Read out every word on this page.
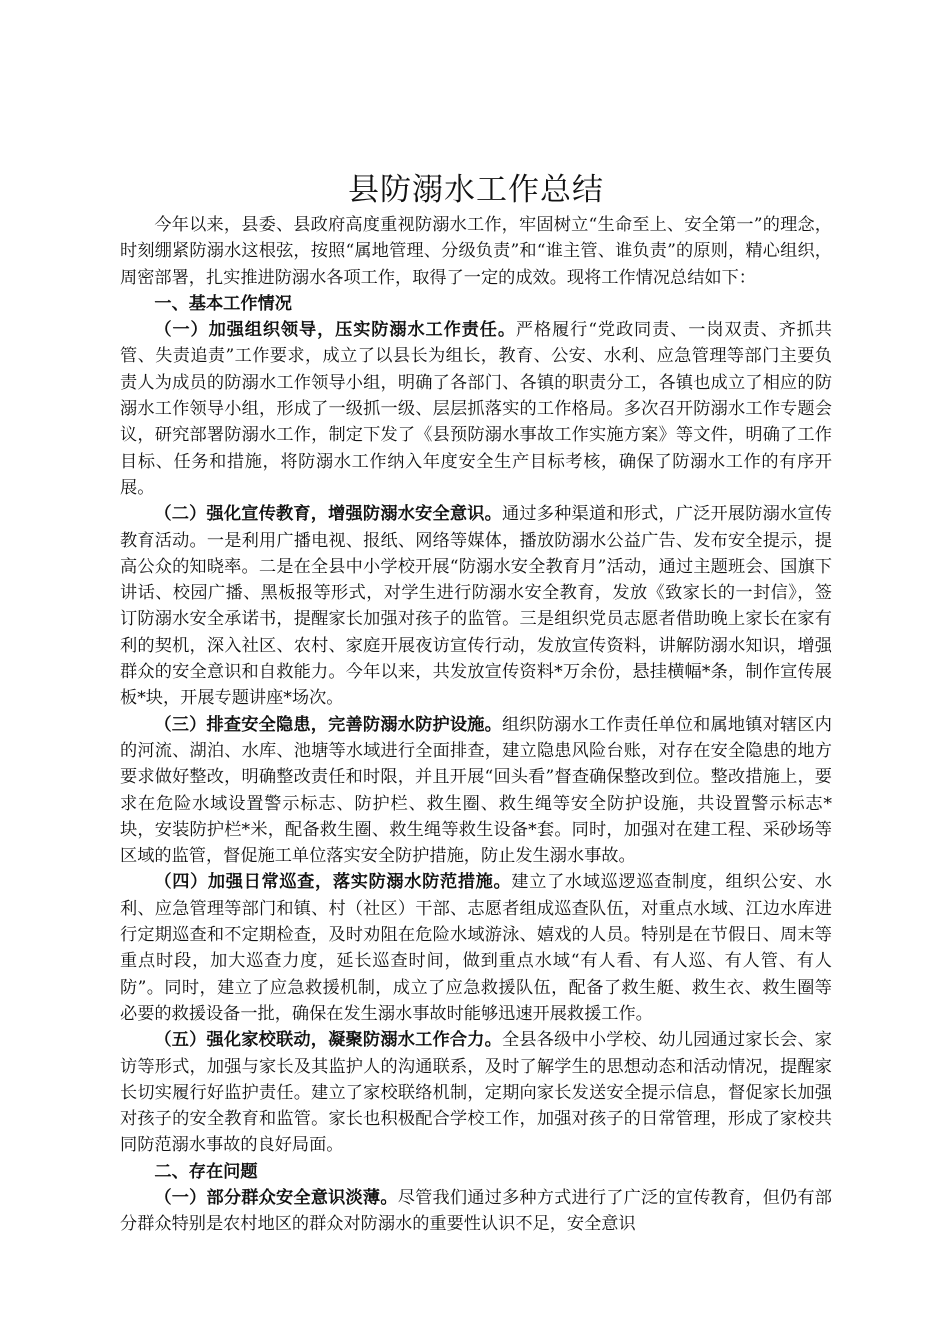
县防溺水工作总结

今年以来，县委、县政府高度重视防溺水工作，牢固树立“生命至上、安全第一”的理念，时刻绷紧防溺水这根弦，按照“属地管理、分级负责”和“谁主管、谁负责”的原则，精心组织，周密部署，扎实推进防溺水各项工作，取得了一定的成效。现将工作情况总结如下：

一、基本工作情况

（一）加强组织领导，压实防溺水工作责任。严格履行“党政同责、一岗双责、齐抓共管、失责追责”工作要求，成立了以县长为组长，教育、公安、水利、应急管理等部门主要负责人为成员的防溺水工作领导小组，明确了各部门、各镇的职责分工，各镇也成立了相应的防溺水工作领导小组，形成了一级抓一级、层层抓落实的工作格局。多次召开防溺水工作专题会议，研究部署防溺水工作，制定下发了《县预防溺水事故工作实施方案》等文件，明确了工作目标、任务和措施，将防溺水工作纳入年度安全生产目标考核，确保了防溺水工作的有序开展。

（二）强化宣传教育，增强防溺水安全意识。通过多种渠道和形式，广泛开展防溺水宣传教育活动。一是利用广播电视、报纸、网络等媒体，播放防溺水公益广告、发布安全提示，提高公众的知晓率。二是在全县中小学校开展“防溺水安全教育月”活动，通过主题班会、国旗下讲话、校园广播、黑板报等形式，对学生进行防溺水安全教育，发放《致家长的一封信》，签订防溺水安全承诺书，提醒家长加强对孩子的监管。三是组织党员志愿者借助晚上家长在家有利的契机，深入社区、农村、家庭开展夜访宣传行动，发放宣传资料，讲解防溺水知识，增强群众的安全意识和自救能力。今年以来，共发放宣传资料*万余份，悬挂横幅*条，制作宣传展板*块，开展专题讲座*场次。

（三）排查安全隐患，完善防溺水防护设施。组织防溺水工作责任单位和属地镇对辖区内的河流、湖泊、水库、池塘等水域进行全面排查，建立隐患风险台账，对存在安全隐患的地方要求做好整改，明确整改责任和时限，并且开展“回头看”督查确保整改到位。整改措施上，要求在危险水域设置警示标志、防护栏、救生圈、救生绳等安全防护设施，共设置警示标志*块，安装防护栏*米，配备救生圈、救生绳等救生设备*套。同时，加强对在建工程、采砂场等区域的监管，督促施工单位落实安全防护措施，防止发生溺水事故。

（四）加强日常巡查，落实防溺水防范措施。建立了水域巡逻巡查制度，组织公安、水利、应急管理等部门和镇、村（社区）干部、志愿者组成巡查队伍，对重点水域、江边水库进行定期巡查和不定期检查，及时劝阻在危险水域游泳、嬉戏的人员。特别是在节假日、周末等重点时段，加大巡查力度，延长巡查时间，做到重点水域“有人看、有人巡、有人管、有人防”。同时，建立了应急救援机制，成立了应急救援队伍，配备了救生艇、救生衣、救生圈等必要的救援设备一批，确保在发生溺水事故时能够迅速开展救援工作。

（五）强化家校联动，凝聚防溺水工作合力。全县各级中小学校、幼儿园通过家长会、家访等形式，加强与家长及其监护人的沟通联系，及时了解学生的思想动态和活动情况，提醒家长切实履行好监护责任。建立了家校联络机制，定期向家长发送安全提示信息，督促家长加强对孩子的安全教育和监管。家长也积极配合学校工作，加强对孩子的日常管理，形成了家校共同防范溺水事故的良好局面。

二、存在问题

（一）部分群众安全意识淡薄。尽管我们通过多种方式进行了广泛的宣传教育，但仍有部分群众特别是农村地区的群众对防溺水的重要性认识不足，安全意识
